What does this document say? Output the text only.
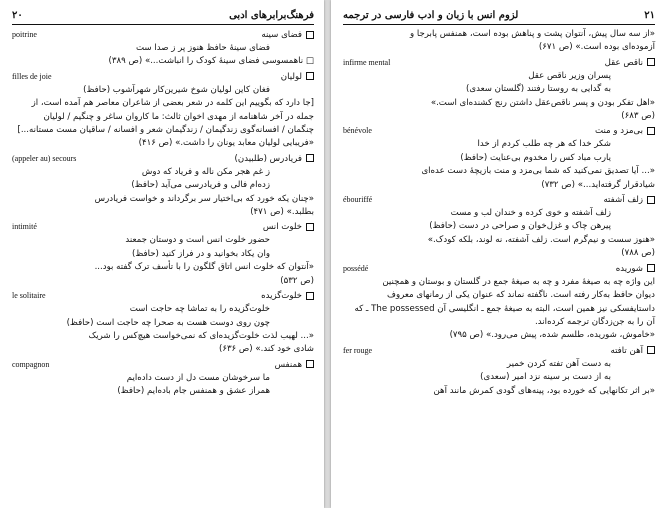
فرهنگ‌برابرهای ادبی
۲۰
poitrine	فضای سینه
فضای سینهٔ حافظ هنوز پر ز صدا ست
□ ناهمسوسی فضای سینهٔ کودک را انباشت...» (ص ۳۸۹)
filles de joie	لولیان
فغان کاین لولیان شوخ شیرین‌کار شهرآشوب (حافظ)
[جا دارد که بگوییم این کلمه در شعر بعضی از شاعران معاصر هم آمده است، از
جمله در آخر شاهنامه از مهدی اخوان ثالث: ما کاروان ساغر و چنگیم / لولیان
چنگمان / افسانه‌گوی زندگیمان / زندگیمان شعر و افسانه / ساقیان مست مستانه...]
«فریبایی لولیان معابد یونان را داشت.» (ص ۴۱۶)
(appeler au) secours	فریادرس (طلبیدن)
ز غم هجر مکن ناله و فریاد که دوش
زده‌ام فالی و فریادرسی می‌آید (حافظ)
«چنان یکه خورد که بی‌اختیار سر برگرداند و خواست فریادرس
بطلبد.» (ص ۴۷۱)
intimité	خلوت انس
حضور خلوت انس است و دوستان جمعند
وان یکاد بخوانید و در فراز کنید (حافظ)
«آنتوان که خلوت انس اتاق گلگون را با تأسف ترک گفته بود...
(ص ۵۳۲)
le solitaire	خلوت‌گزیده
خلوت‌گزیده را به تماشا چه حاجت است
چون روی دوست هست به صحرا چه حاجت است (حافظ)
«... لهیب لذت خلوت‌گزیده‌ای که نمی‌خواست هیچ‌کس را شریک
شادی خود کند.» (ص ۶۳۶)
compagnon	همنفس
ما سرخوشان مست دل از دست داده‌ایم
همراز عشق و همنفس جام باده‌ایم (حافظ)
۲۱
لزوم انس با زبان و ادب فارسی در ترجمه
«از سه سال پیش، آنتوان پشت و پناهش بوده است، همنفس پابرجا و
آزموده‌ای بوده است.» (ص ۶۷۱)
infirme mental	ناقص عقل
پسران وزیر ناقص عقل
به گدایی به روستا رفتند (گلستان سعدی)
«اهل تفکر بودن و پسر ناقص‌عقل داشتن رنج کشنده‌ای است.»
(ص ۶۸۳)
bénévole	بی‌مزد و منت
شکر خدا که هر چه طلب کردم از خدا
یارب مباد کس را مخدوم بی‌عنایت (حافظ)
«... آیا تصدیق نمی‌کنید که شما بی‌مزد و منت بازیچهٔ دست عده‌ای
شیادقرار گرفته‌اید...» (ص ۷۳۲)
ébouriffé	زلف آشفته
زلف آشفته و خوی کرده و خندان لب و مست
پیرهن چاک و غزل‌خوان و صراحی در دست (حافظ)
«هنوز سست و نیم‌گرم است. زلف آشفته، نه لوند، بلکه کودک.»
(ص ۷۸۸)
possédé	شوریده
این واژه چه به صیغهٔ مفرد و چه به صیغهٔ جمع در گلستان و بوستان و همچنین
دیوان حافظ به‌کار رفته است. ناگفته نماند که عنوان یکی از رمانهای معروف
داستایفسکی نیز همین است، البته به صیغهٔ جمع ـ انگلیسی آن The possessed ـ که
آن را به جن‌زدگان ترجمه کرده‌اند.
«خاموش، شوریده، طلسم شده، پیش می‌رود.» (ص ۷۹۵)
fer rouge	آهن تافته
به دست آهن تفته کردن خمیر
به از دست بر سینه نزد امیر (سعدی)
«بر اثر تکانهایی که خورده بود، پینه‌های گودی کمرش مانند آهن
